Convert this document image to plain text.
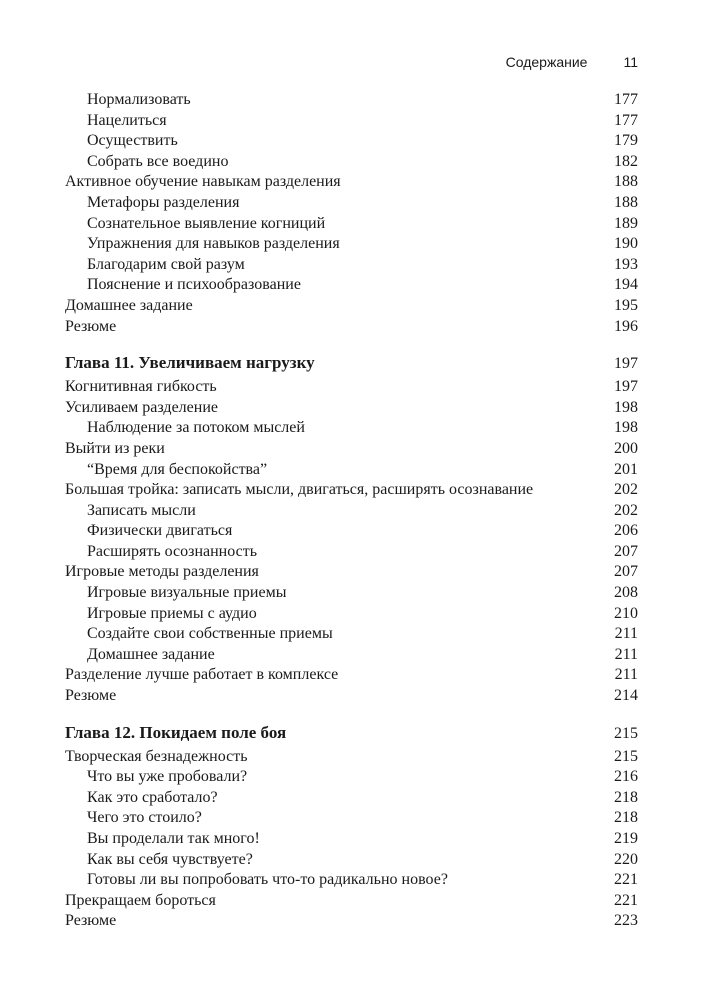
Содержание	11
Нормализовать	177
Нацелиться	177
Осуществить	179
Собрать все воедино	182
Активное обучение навыкам разделения	188
Метафоры разделения	188
Сознательное выявление когниций	189
Упражнения для навыков разделения	190
Благодарим свой разум	193
Пояснение и психообразование	194
Домашнее задание	195
Резюме	196
Глава 11. Увеличиваем нагрузку	197
Когнитивная гибкость	197
Усиливаем разделение	198
Наблюдение за потоком мыслей	198
Выйти из реки	200
“Время для беспокойства”	201
Большая тройка: записать мысли, двигаться, расширять осознавание	202
Записать мысли	202
Физически двигаться	206
Расширять осознанность	207
Игровые методы разделения	207
Игровые визуальные приемы	208
Игровые приемы с аудио	210
Создайте свои собственные приемы	211
Домашнее задание	211
Разделение лучше работает в комплексе	211
Резюме	214
Глава 12. Покидаем поле боя	215
Творческая безнадежность	215
Что вы уже пробовали?	216
Как это сработало?	218
Чего это стоило?	218
Вы проделали так много!	219
Как вы себя чувствуете?	220
Готовы ли вы попробовать что-то радикально новое?	221
Прекращаем бороться	221
Резюме	223
